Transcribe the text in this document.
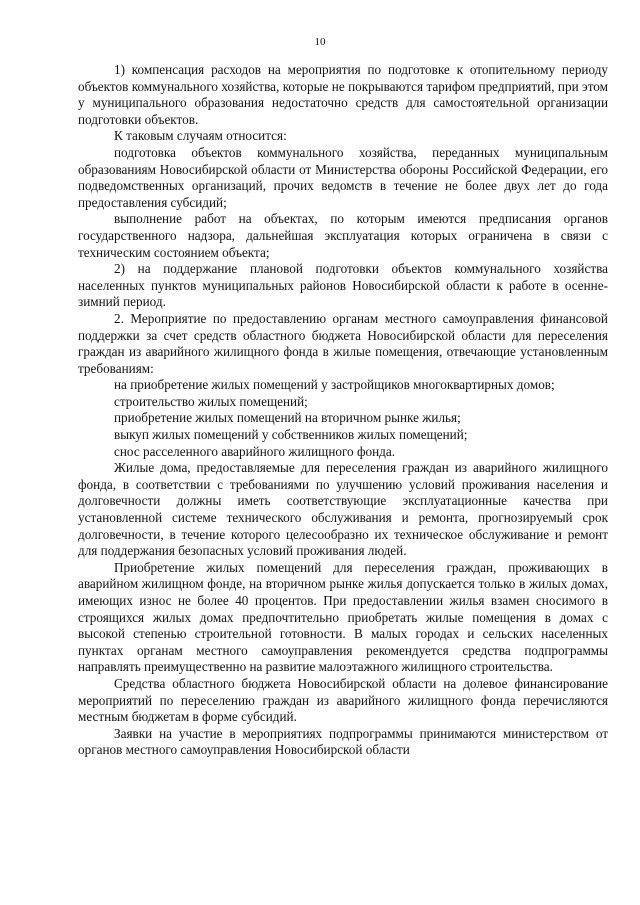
10

1) компенсация расходов на мероприятия по подготовке к отопительному периоду объектов коммунального хозяйства, которые не покрываются тарифом предприятий, при этом у муниципального образования недостаточно средств для самостоятельной организации подготовки объектов.

К таковым случаям относится:

подготовка объектов коммунального хозяйства, переданных муниципальным образованиям Новосибирской области от Министерства обороны Российской Федерации, его подведомственных организаций, прочих ведомств в течение не более двух лет до года предоставления субсидий;

выполнение работ на объектах, по которым имеются предписания органов государственного надзора, дальнейшая эксплуатация которых ограничена в связи с техническим состоянием объекта;

2) на поддержание плановой подготовки объектов коммунального хозяйства населенных пунктов муниципальных районов Новосибирской области к работе в осенне-зимний период.

2. Мероприятие по предоставлению органам местного самоуправления финансовой поддержки за счет средств областного бюджета Новосибирской области для переселения граждан из аварийного жилищного фонда в жилые помещения, отвечающие установленным требованиям:

на приобретение жилых помещений у застройщиков многоквартирных домов;

строительство жилых помещений;

приобретение жилых помещений на вторичном рынке жилья;

выкуп жилых помещений у собственников жилых помещений;

снос расселенного аварийного жилищного фонда.

Жилые дома, предоставляемые для переселения граждан из аварийного жилищного фонда, в соответствии с требованиями по улучшению условий проживания населения и долговечности должны иметь соответствующие эксплуатационные качества при установленной системе технического обслуживания и ремонта, прогнозируемый срок долговечности, в течение которого целесообразно их техническое обслуживание и ремонт для поддержания безопасных условий проживания людей.

Приобретение жилых помещений для переселения граждан, проживающих в аварийном жилищном фонде, на вторичном рынке жилья допускается только в жилых домах, имеющих износ не более 40 процентов. При предоставлении жилья взамен сносимого в строящихся жилых домах предпочтительно приобретать жилые помещения в домах с высокой степенью строительной готовности. В малых городах и сельских населенных пунктах органам местного самоуправления рекомендуется средства подпрограммы направлять преимущественно на развитие малоэтажного жилищного строительства.

Средства областного бюджета Новосибирской области на долевое финансирование мероприятий по переселению граждан из аварийного жилищного фонда перечисляются местным бюджетам в форме субсидий.

Заявки на участие в мероприятиях подпрограммы принимаются министерством от органов местного самоуправления Новосибирской области
